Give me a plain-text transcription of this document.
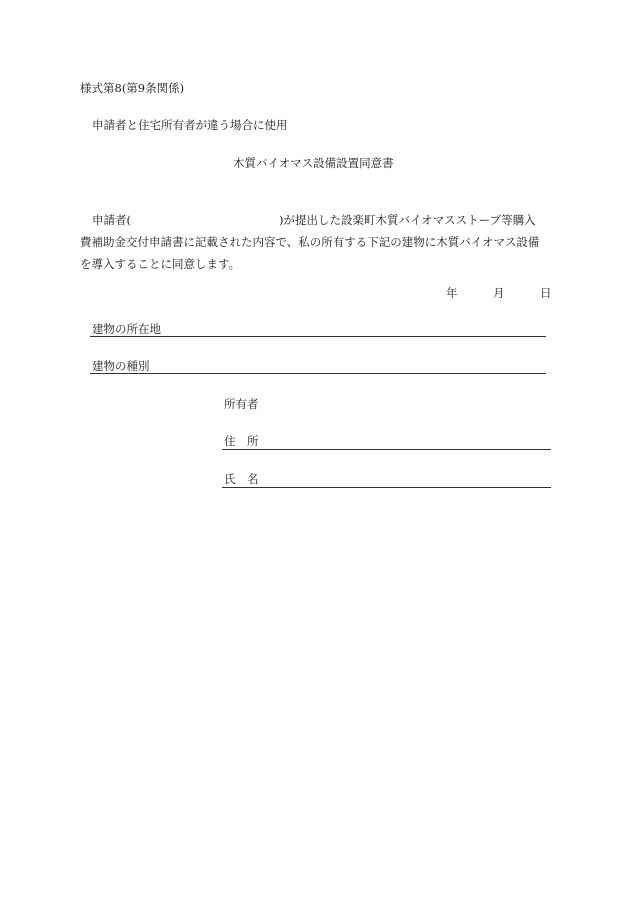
様式第8(第9条関係)
申請者と住宅所有者が違う場合に使用
木質バイオマス設備設置同意書
申請者(	)が提出した設楽町木質バイオマスストーブ等購入
費補助金交付申請書に記載された内容で、私の所有する下記の建物に木質バイオマス設備
を導入することに同意します。
年	月	日
建物の所在地
建物の種別
所有者
住　所
氏　名
